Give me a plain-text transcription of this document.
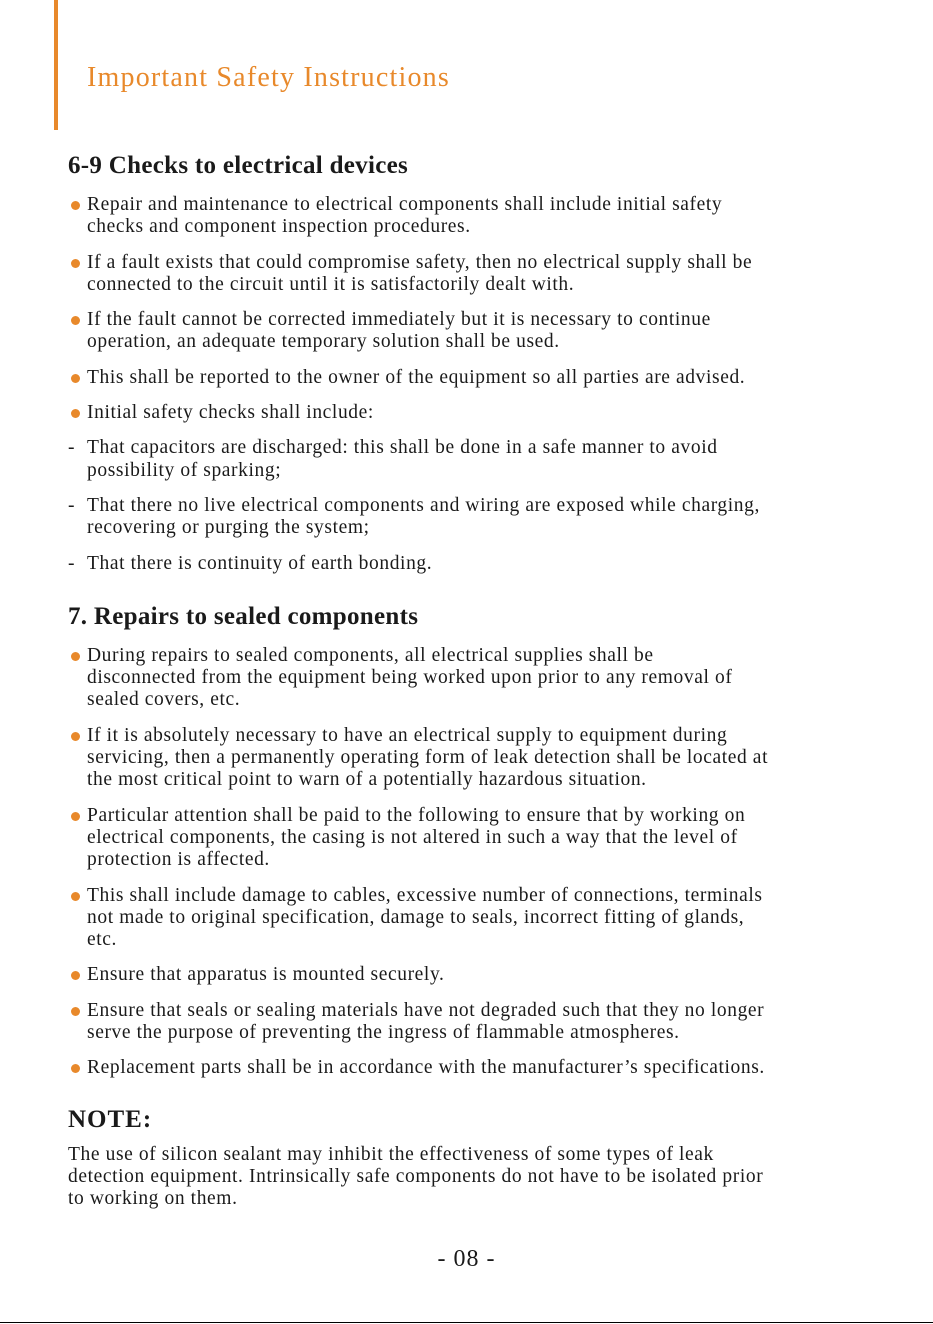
Important Safety Instructions
6-9 Checks to electrical devices
Repair and maintenance to electrical components shall include initial safety
checks and component inspection procedures.
If a fault exists that could compromise safety, then no electrical supply shall be
connected to the circuit until it is satisfactorily dealt with.
If the fault cannot be corrected immediately but it is necessary to continue
operation, an adequate temporary solution shall be used.
This shall be reported to the owner of the equipment so all parties are advised.
Initial safety checks shall include:
- That capacitors are discharged: this shall be done in a safe manner to avoid
possibility of sparking;
- That there no live electrical components and wiring are exposed while charging,
recovering or purging the system;
- That there is continuity of earth bonding.
7. Repairs to sealed components
During repairs to sealed components, all electrical supplies shall be
disconnected from the equipment being worked upon prior to any removal of
sealed covers, etc.
If it is absolutely necessary to have an electrical supply to equipment during
servicing, then a permanently operating form of leak detection shall be located at
the most critical point to warn of a potentially hazardous situation.
Particular attention shall be paid to the following to ensure that by working on
electrical components, the casing is not altered in such a way that the level of
protection is affected.
This shall include damage to cables, excessive number of connections, terminals
not made to original specification, damage to seals, incorrect fitting of glands,
etc.
Ensure that apparatus is mounted securely.
Ensure that seals or sealing materials have not degraded such that they no longer
serve the purpose of preventing the ingress of flammable atmospheres.
Replacement parts shall be in accordance with the manufacturer’s specifications.
NOTE:

The use of silicon sealant may inhibit the effectiveness of some types of leak
detection equipment. Intrinsically safe components do not have to be isolated prior
to working on them.

- 08 -
